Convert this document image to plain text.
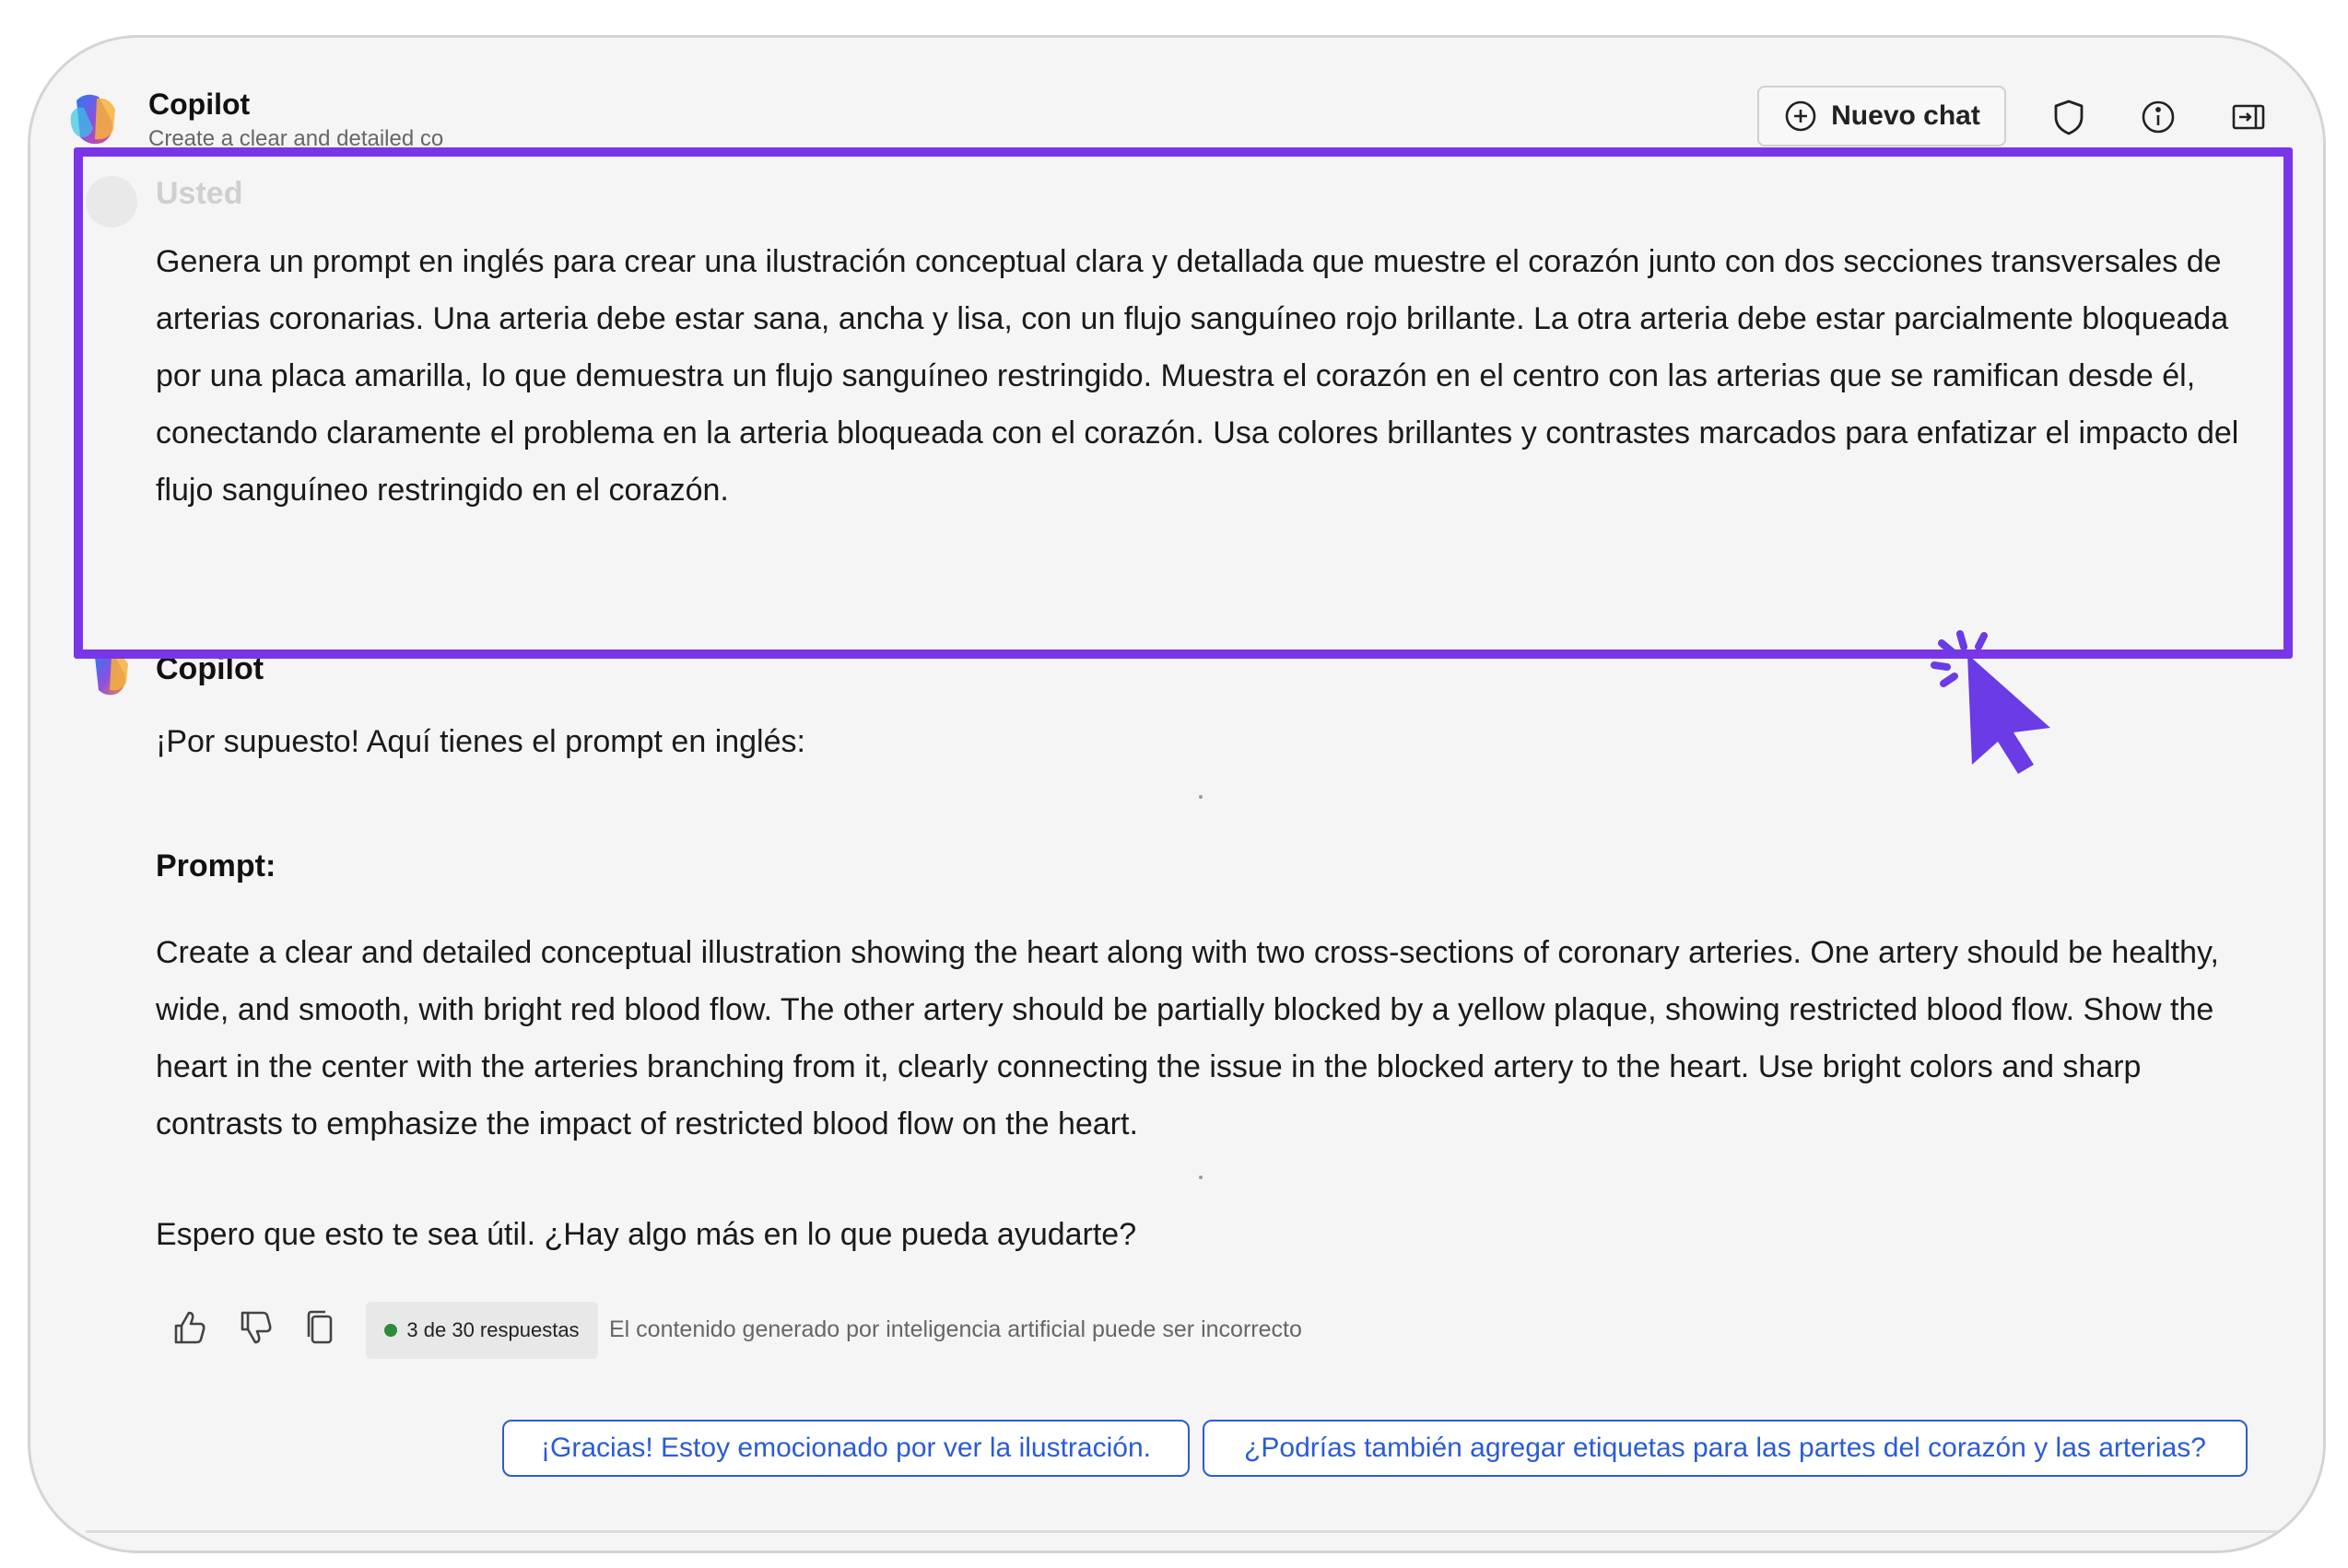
Usted
Genera un prompt en inglés para crear una ilustración conceptual clara y detallada que muestre el corazón junto con dos secciones transversales de arterias coronarias. Una arteria debe estar sana, ancha y lisa, con un flujo sanguíneo rojo brillante. La otra arteria debe estar parcialmente bloqueada por una placa amarilla, lo que demuestra un flujo sanguíneo restringido. Muestra el corazón en el centro con las arterias que se ramifican desde él, conectando claramente el problema en la arteria bloqueada con el corazón. Usa colores brillantes y contrastes marcados para enfatizar el impacto del flujo sanguíneo restringido en el corazón.
Copilot
¡Por supuesto! Aquí tienes el prompt en inglés:
Prompt:
Create a clear and detailed conceptual illustration showing the heart along with two cross-sections of coronary arteries. One artery should be healthy, wide, and smooth, with bright red blood flow. The other artery should be partially blocked by a yellow plaque, showing restricted blood flow. Show the heart in the center with the arteries branching from it, clearly connecting the issue in the blocked artery to the heart. Use bright colors and sharp contrasts to emphasize the impact of restricted blood flow on the heart.
Espero que esto te sea útil. ¿Hay algo más en lo que pueda ayudarte?
3 de 30 respuestas El contenido generado por inteligencia artificial puede ser incorrecto
¡Gracias! Estoy emocionado por ver la ilustración.	¿Podrías también agregar etiquetas para las partes del corazón y las arterias?
Copilot
Create a clear and detailed co
Nuevo chat
